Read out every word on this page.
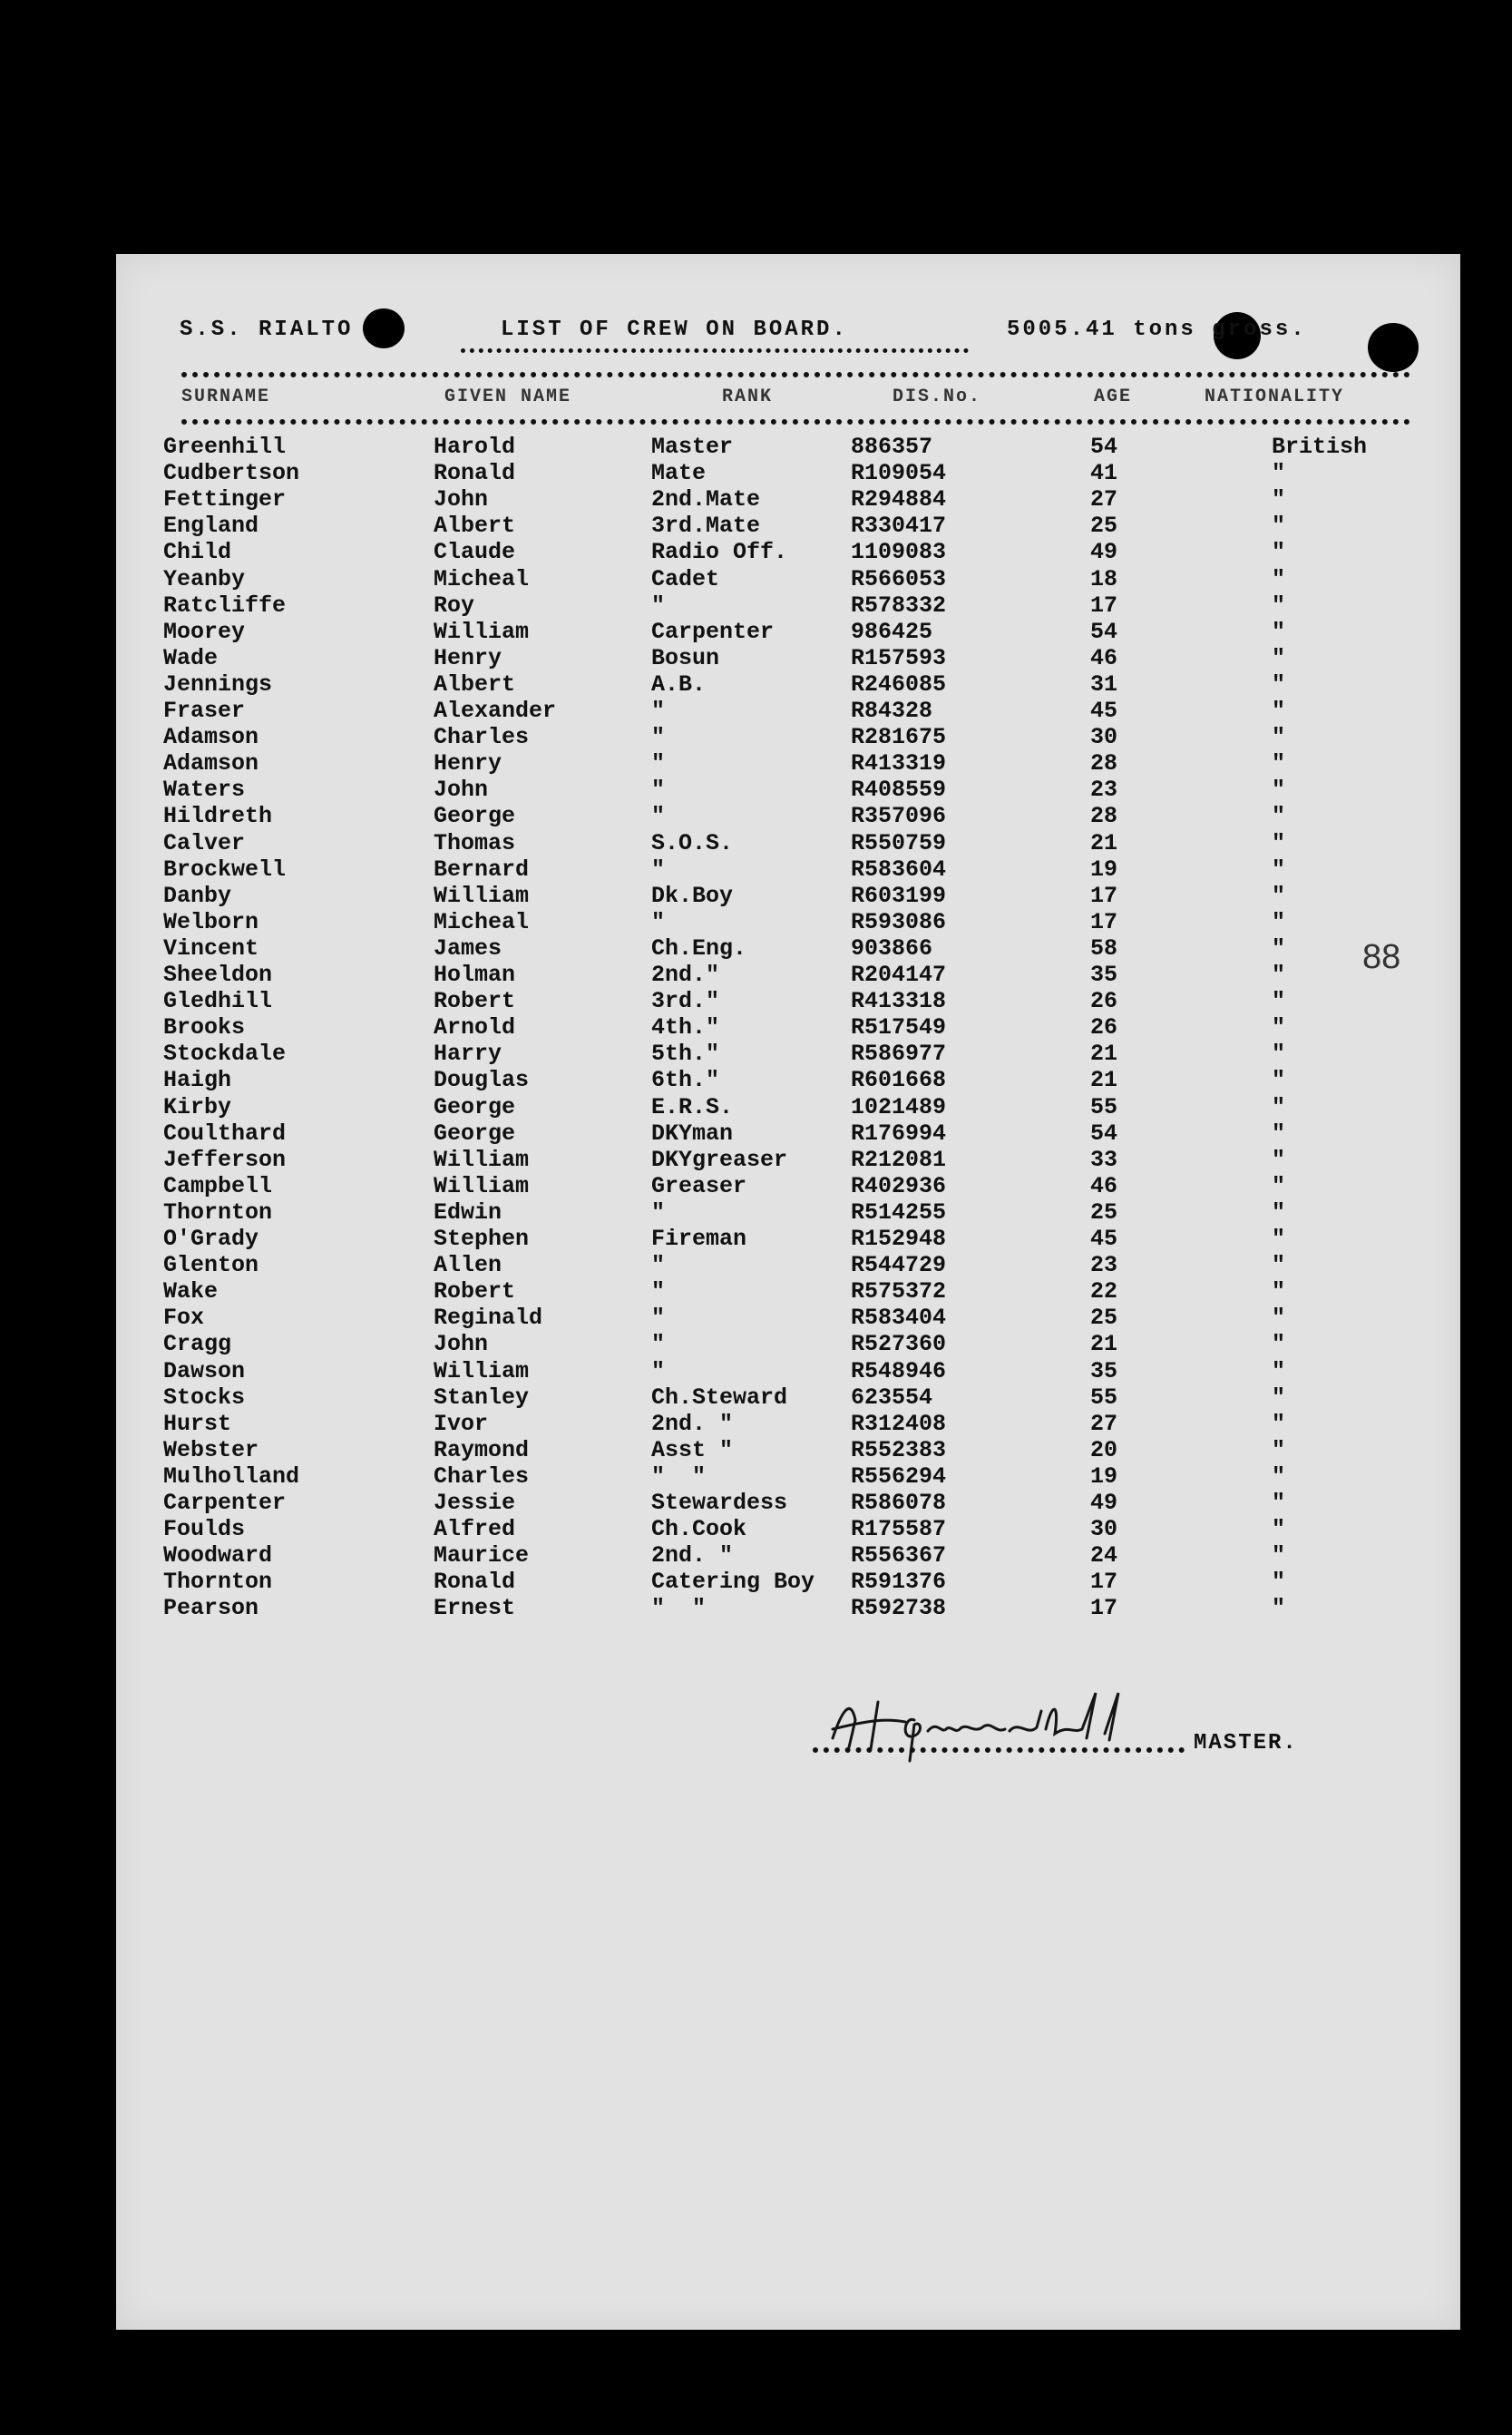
S.S. RIALTO	LIST OF CREW ON BOARD.	5005.41 tons gross.
SURNAME	GIVEN NAME	RANK	DIS.No.	AGE	NATIONALITY
Greenhill	Harold	Master	886357	54	British
Cudbertson	Ronald	Mate	R109054	41	"
Fettinger	John	2nd.Mate	R294884	27	"
England	Albert	3rd.Mate	R330417	25	"
Child	Claude	Radio Off.	1109083	49	"
Yeanby	Micheal	Cadet	R566053	18	"
Ratcliffe	Roy	"	R578332	17	"
Moorey	William	Carpenter	986425	54	"
Wade	Henry	Bosun	R157593	46	"
Jennings	Albert	A.B.	R246085	31	"
Fraser	Alexander	"	R84328	45	"
Adamson	Charles	"	R281675	30	"
Adamson	Henry	"	R413319	28	"
Waters	John	"	R408559	23	"
Hildreth	George	"	R357096	28	"
Calver	Thomas	S.O.S.	R550759	21	"
Brockwell	Bernard	"	R583604	19	"
Danby	William	Dk.Boy	R603199	17	"
Welborn	Micheal	"	R593086	17	"
Vincent	James	Ch.Eng.	903866	58	"
Sheeldon	Holman	2nd."	R204147	35	"
Gledhill	Robert	3rd."	R413318	26	"
Brooks	Arnold	4th."	R517549	26	"
Stockdale	Harry	5th."	R586977	21	"
Haigh	Douglas	6th."	R601668	21	"
Kirby	George	E.R.S.	1021489	55	"
Coulthard	George	DKYman	R176994	54	"
Jefferson	William	DKYgreaser	R212081	33	"
Campbell	William	Greaser	R402936	46	"
Thornton	Edwin	"	R514255	25	"
O'Grady	Stephen	Fireman	R152948	45	"
Glenton	Allen	"	R544729	23	"
Wake	Robert	"	R575372	22	"
Fox	Reginald	"	R583404	25	"
Cragg	John	"	R527360	21	"
Dawson	William	"	R548946	35	"
Stocks	Stanley	Ch.Steward	623554	55	"
Hurst	Ivor	2nd. "	R312408	27	"
Webster	Raymond	Asst "	R552383	20	"
Mulholland	Charles	"  "	R556294	19	"
Carpenter	Jessie	Stewardess	R586078	49	"
Foulds	Alfred	Ch.Cook	R175587	30	"
Woodward	Maurice	2nd. "	R556367	24	"
Thornton	Ronald	Catering Boy R591376	17	"
Pearson	Ernest	"  "	R592738	17	"
88
MASTER.
